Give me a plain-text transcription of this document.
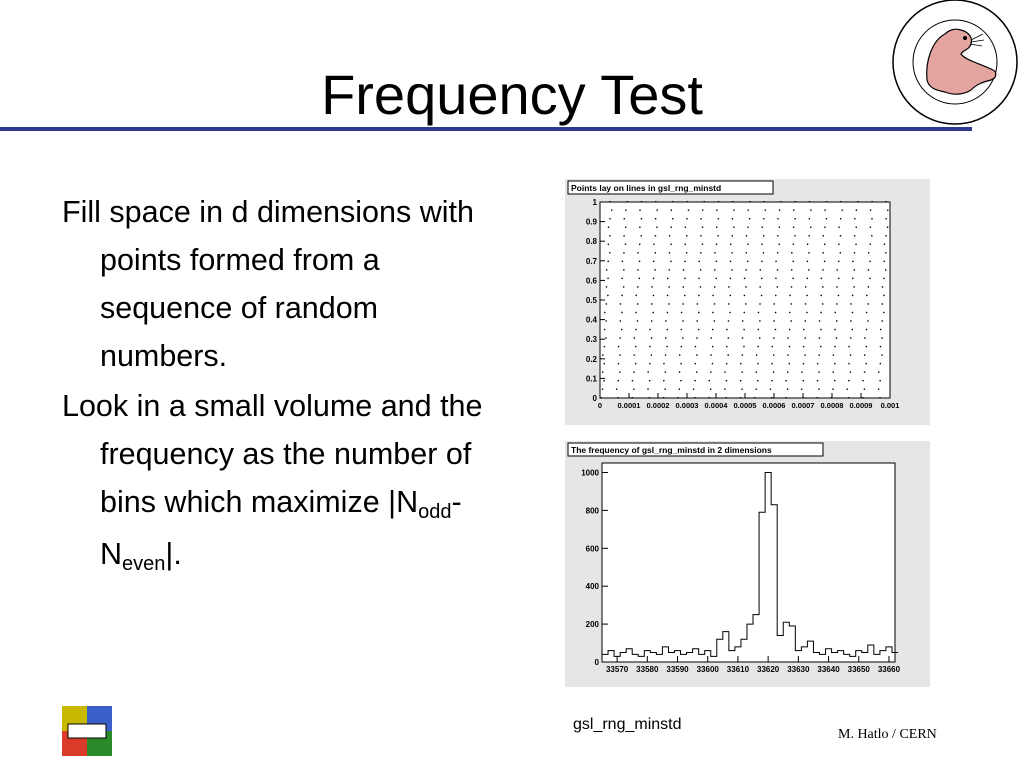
Frequency Test

Fill space in d dimensions with points formed from a sequence of random numbers.

Look in a small volume and the frequency as the number of bins which maximize |Nodd-Neven|.

Points lay on lines in gsl_rng_minstd
0
0.1
0.2
0.3
0.4
0.5
0.6
0.7
0.8
0.9
1
0 0.0001 0.0002 0.0003 0.0004 0.0005 0.0006 0.0007 0.0008 0.0009 0.001
The frequency of gsl_rng_minstd in 2 dimensions
0
200
400
600
800
1000
33570 33580 33590 33600 33610 33620 33630 33640 33650 33660
gsl_rng_minstd
M. Hatlo / CERN
